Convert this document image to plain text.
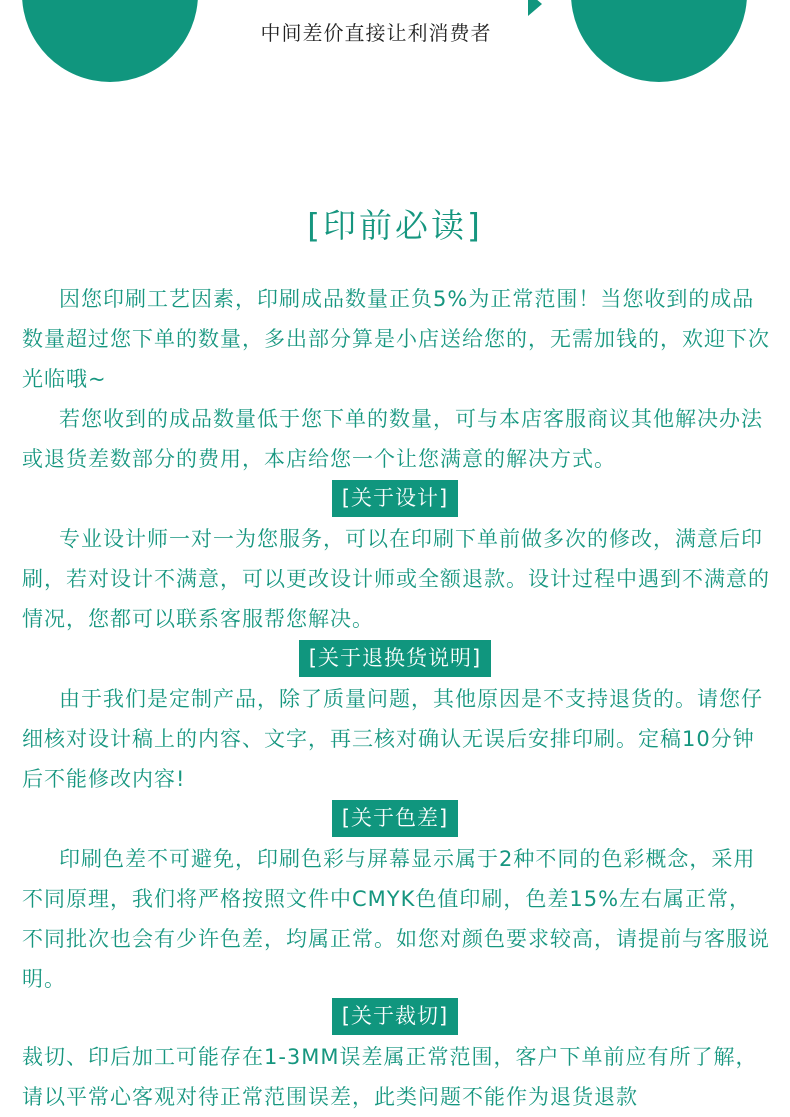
中间差价直接让利消费者
[印前必读]
因您印刷工艺因素，印刷成品数量正负5%为正常范围！当您收到的成品数量超过您下单的数量，多出部分算是小店送给您的，无需加钱的，欢迎下次光临哦~
若您收到的成品数量低于您下单的数量，可与本店客服商议其他解决办法或退货差数部分的费用，本店给您一个让您满意的解决方式。
[关于设计]
专业设计师一对一为您服务，可以在印刷下单前做多次的修改，满意后印刷，若对设计不满意，可以更改设计师或全额退款。设计过程中遇到不满意的情况，您都可以联系客服帮您解决。
[关于退换货说明]
由于我们是定制产品，除了质量问题，其他原因是不支持退货的。请您仔细核对设计稿上的内容、文字，再三核对确认无误后安排印刷。定稿10分钟后不能修改内容!
[关于色差]
印刷色差不可避免，印刷色彩与屏幕显示属于2种不同的色彩概念，采用不同原理，我们将严格按照文件中CMYK色值印刷，色差15%左右属正常，不同批次也会有少许色差，均属正常。如您对颜色要求较高，请提前与客服说明。
[关于裁切]
裁切、印后加工可能存在1-3MM误差属正常范围，客户下单前应有所了解，请以平常心客观对待正常范围误差，此类问题不能作为退货退款
